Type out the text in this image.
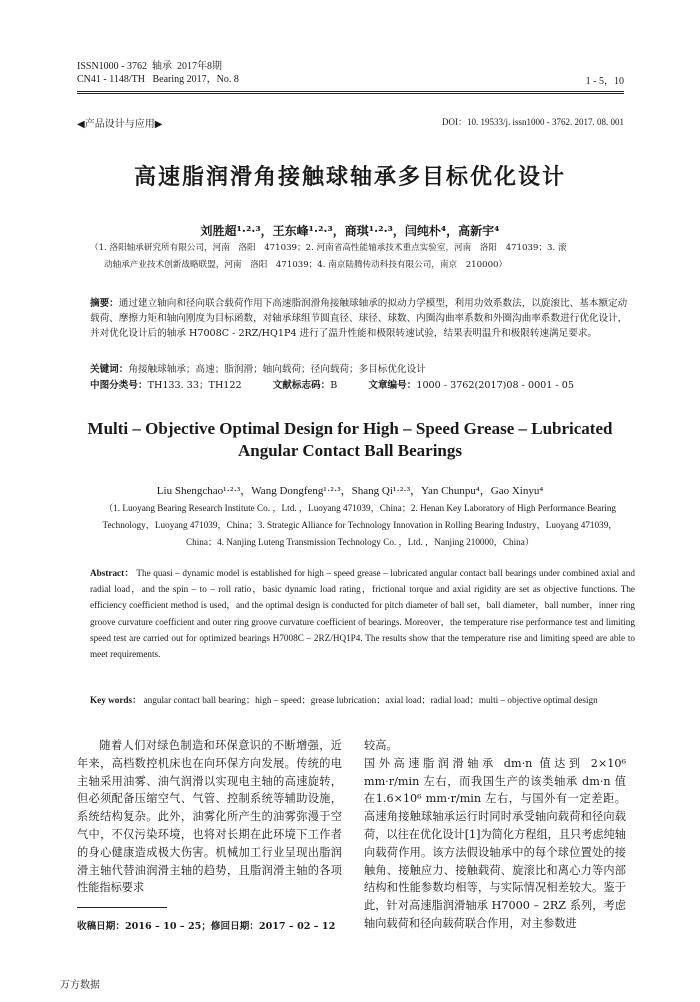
ISSN1000 - 3762 轴承 2017年8期
CN41 - 1148/TH Bearing 2017，No. 8	1 - 5，10
◀产品设计与应用▶	DOI：10. 19533/j. issn1000 - 3762. 2017. 08. 001
高速脂润滑角接触球轴承多目标优化设计
刘胜超¹·²·³，王东峰¹·²·³，商琪¹·²·³，闫纯朴⁴，高新宇⁴
（1. 洛阳轴承研究所有限公司，河南　洛阳　471039；2. 河南省高性能轴承技术重点实验室，河南　洛阳　471039；3. 滚
动轴承产业技术创新战略联盟，河南　洛阳　471039；4. 南京陆腾传动科技有限公司，南京　210000）
摘要：通过建立轴向和径向联合载荷作用下高速脂润滑角接触球轴承的拟动力学模型，利用功效系数法，以旋滚比、基本额定动载荷、摩擦力矩和轴向刚度为目标函数，对轴承球组节圆直径、球径、球数、内圈沟曲率系数和外圈沟曲率系数进行优化设计，并对优化设计后的轴承 H7008C - 2RZ/HQ1P4 进行了温升性能和极限转速试验，结果表明温升和极限转速满足要求。
关键词：角接触球轴承；高速；脂润滑；轴向载荷；径向载荷；多目标优化设计
中图分类号：TH133. 33；TH122	文献标志码：B	文章编号：1000 - 3762(2017)08 - 0001 - 05
Multi – Objective Optimal Design for High – Speed Grease – Lubricated
Angular Contact Ball Bearings
Liu Shengchao¹·²·³，Wang Dongfeng¹·²·³，Shang Qi¹·²·³，Yan Chunpu⁴，Gao Xinyu⁴
（1. Luoyang Bearing Research Institute Co. ，Ltd. ，Luoyang 471039，China；2. Henan Key Laboratory of High Performance Bearing Technology，Luoyang 471039，China；3. Strategic Alliance for Technology Innovation in Rolling Bearing Industry，Luoyang 471039，China；4. Nanjing Luteng Transmission Technology Co. ，Ltd. ，Nanjing 210000，China）
Abstract： The quasi – dynamic model is established for high – speed grease – lubricated angular contact ball bearings under combined axial and radial load，and the spin – to – roll ratio，basic dynamic load rating，frictional torque and axial rigidity are set as objective functions. The efficiency coefficient method is used，and the optimal design is conducted for pitch diameter of ball set，ball diameter，ball number，inner ring groove curvature coefficient and outer ring groove curvature coefficient of bearings. Moreover，the temperature rise performance test and limiting speed test are carried out for optimized bearings H7008C – 2RZ/HQ1P4. The results show that the temperature rise and limiting speed are able to meet requirements.
Key words： angular contact ball bearing；high – speed；grease lubrication；axial load；radial load；multi – objective optimal design
随着人们对绿色制造和环保意识的不断增强，近年来，高档数控机床也在向环保方向发展。传统的电主轴采用油雾、油气润滑以实现电主轴的高速旋转，但必须配备压缩空气、气管、控制系统等辅助设施，系统结构复杂。此外，油雾化所产生的油雾弥漫于空气中，不仅污染环境，也将对长期在此环境下工作者的身心健康造成极大伤害。机械加工行业呈现出脂润滑主轴代替油润滑主轴的趋势，且脂润滑主轴的各项性能指标要求
较高。
国外高速脂润滑轴承 dm·n 值达到 2×10⁶ mm·r/min 左右，而我国生产的该类轴承 dm·n 值在1.6×10⁶ mm·r/min 左右，与国外有一定差距。高速角接触球轴承运行时同时承受轴向载荷和径向载荷，以往在优化设计[1]为简化方程组，且只考虑纯轴向载荷作用。该方法假设轴承中的每个球位置处的接触角、接触应力、接触载荷、旋滚比和离心力等内部结构和性能参数均相等，与实际情况相差较大。鉴于此，针对高速脂润滑轴承 H7000 – 2RZ 系列，考虑轴向载荷和径向载荷联合作用，对主参数进
收稿日期：2016 – 10 – 25；修回日期：2017 – 02 – 12
万方数据
